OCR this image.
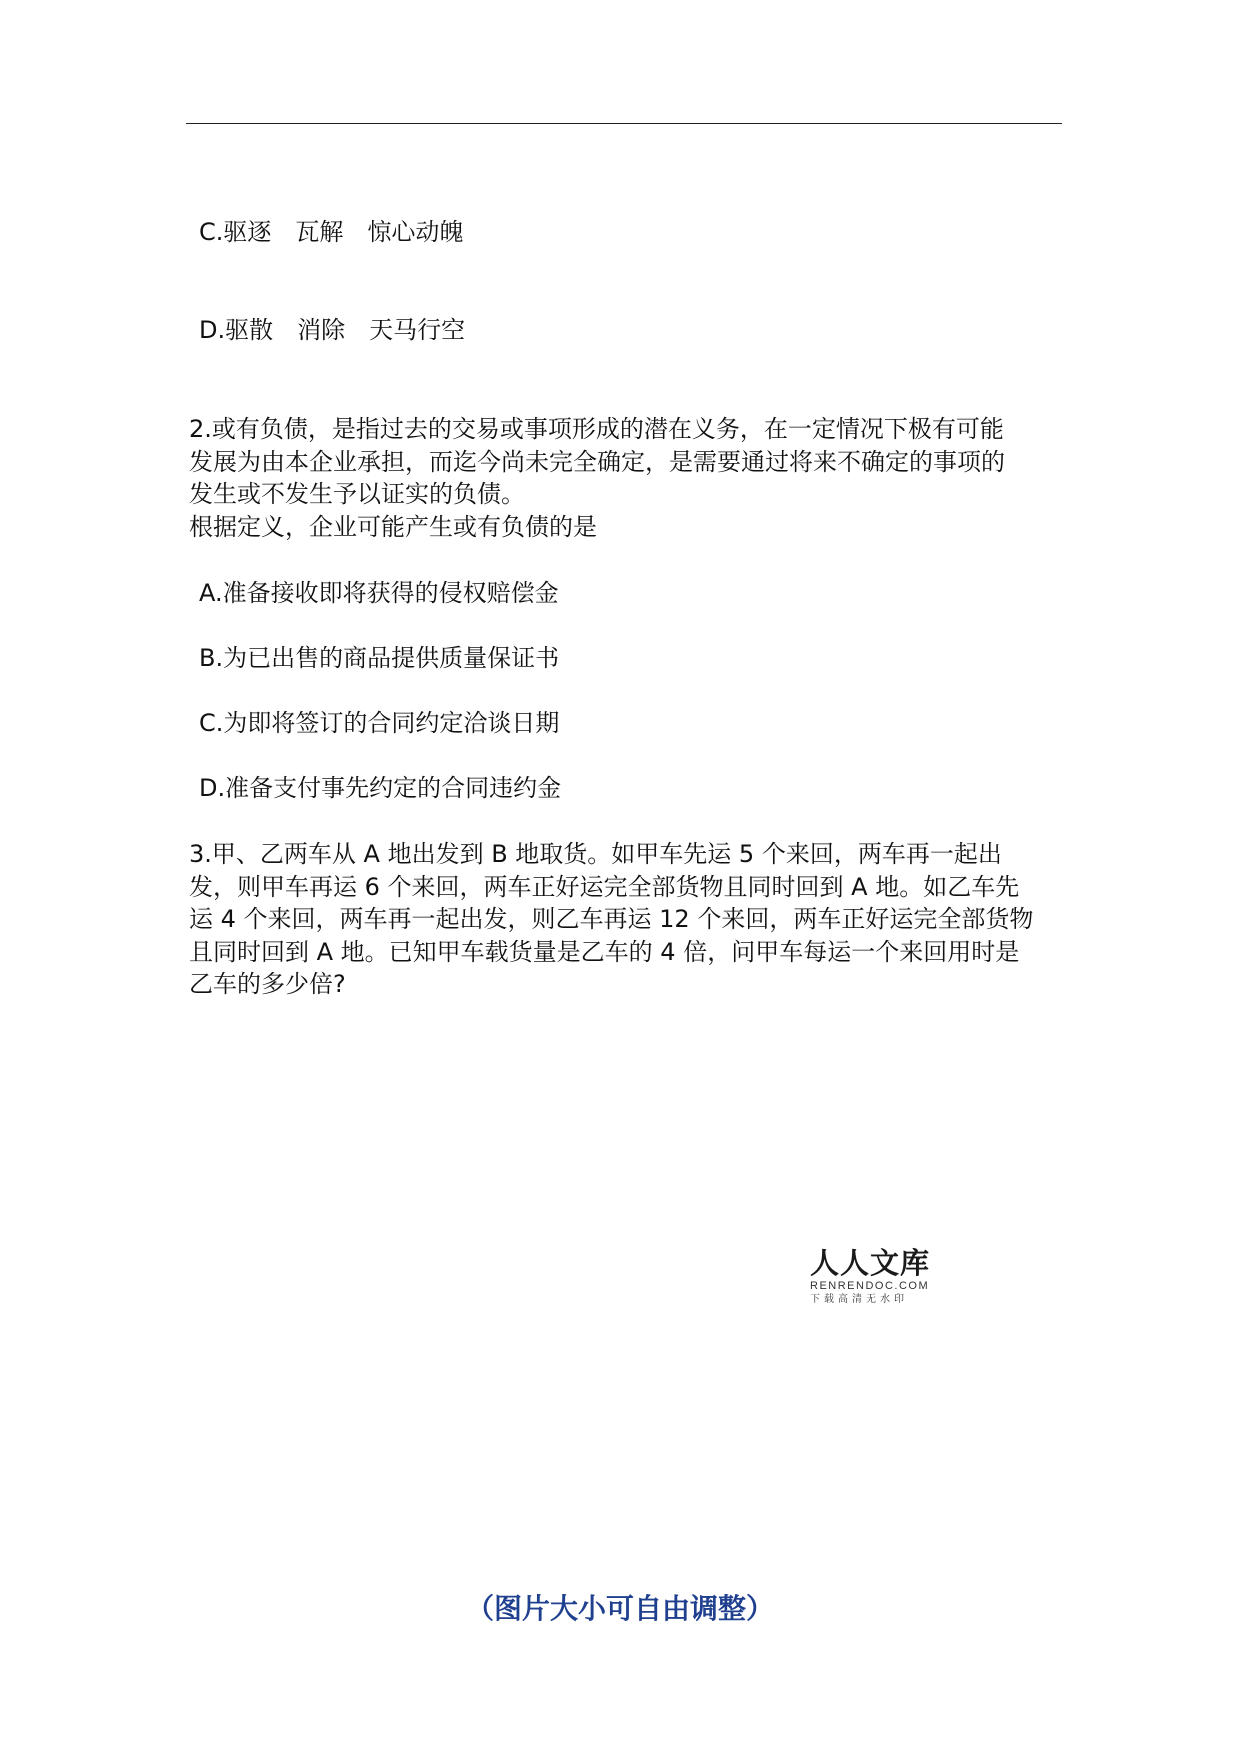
C.驱逐　瓦解　惊心动魄
D.驱散　消除　天马行空
2.或有负债，是指过去的交易或事项形成的潜在义务，在一定情况下极有可能
发展为由本企业承担，而迄今尚未完全确定，是需要通过将来不确定的事项的
发生或不发生予以证实的负债。
根据定义，企业可能产生或有负债的是
A.准备接收即将获得的侵权赔偿金
B.为已出售的商品提供质量保证书
C.为即将签订的合同约定洽谈日期
D.准备支付事先约定的合同违约金
3.甲、乙两车从 A 地出发到 B 地取货。如甲车先运 5 个来回，两车再一起出
发，则甲车再运 6 个来回，两车正好运完全部货物且同时回到 A 地。如乙车先
运 4 个来回，两车再一起出发，则乙车再运 12 个来回，两车正好运完全部货物
且同时回到 A 地。已知甲车载货量是乙车的 4 倍，问甲车每运一个来回用时是
乙车的多少倍?
人人文库
RENRENDOC.COM
下载高清无水印
（图片大小可自由调整）
